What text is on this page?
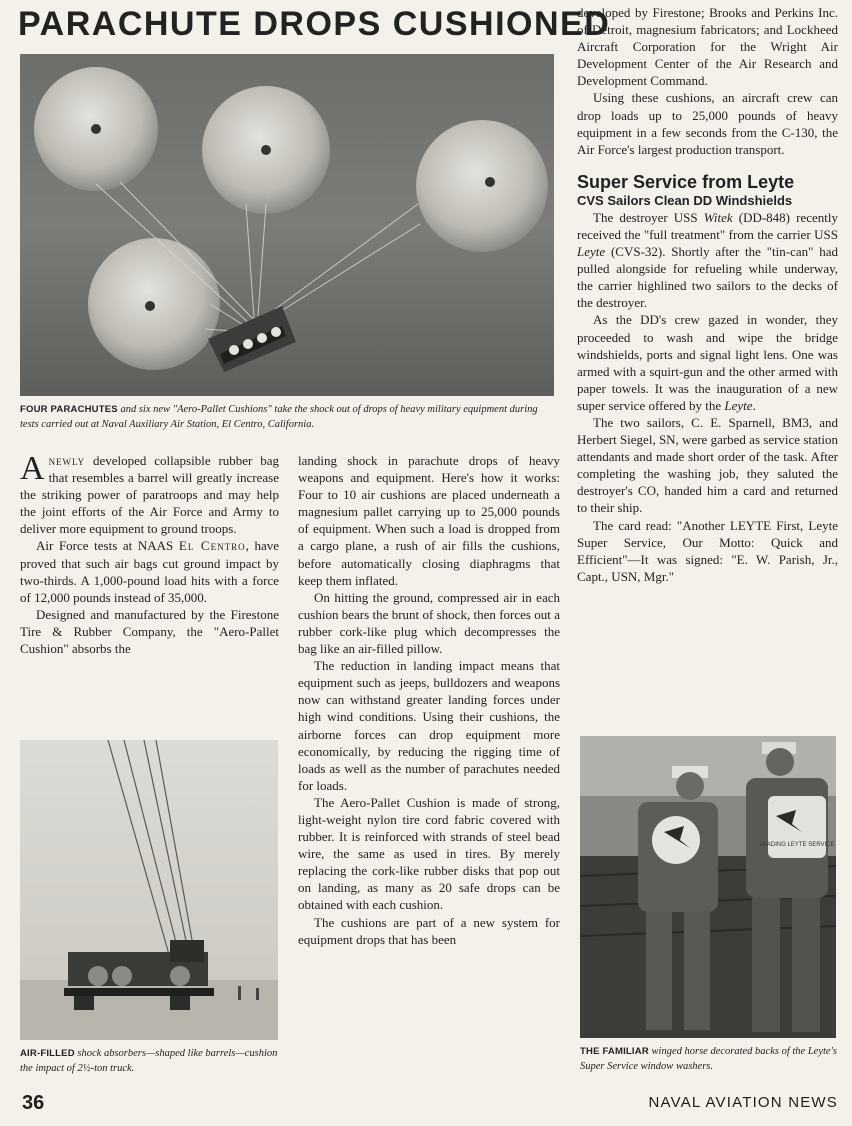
PARACHUTE DROPS CUSHIONED
FOUR PARACHUTES and six new "Aero-Pallet Cushions" take the shock out of drops of heavy military equipment during tests carried out at Naval Auxiliary Air Station, El Centro, California.

Anewly developed collapsible rubber bag that resembles a barrel will greatly increase the striking power of paratroops and may help the joint efforts of the Air Force and Army to deliver more equipment to ground troops.

Air Force tests at NAAS El Centro, have proved that such air bags cut ground impact by two-thirds. A 1,000-pound load hits with a force of 12,000 pounds instead of 35,000.

Designed and manufactured by the Firestone Tire & Rubber Company, the "Aero-Pallet Cushion" absorbs the

AIR-FILLED shock absorbers—shaped like barrels—cushion the impact of 2½-ton truck.

landing shock in parachute drops of heavy weapons and equipment. Here's how it works: Four to 10 air cushions are placed underneath a magnesium pallet carrying up to 25,000 pounds of equipment. When such a load is dropped from a cargo plane, a rush of air fills the cushions, before automatically closing diaphragms that keep them inflated.

On hitting the ground, compressed air in each cushion bears the brunt of shock, then forces out a rubber cork-like plug which decompresses the bag like an air-filled pillow.

The reduction in landing impact means that equipment such as jeeps, bulldozers and weapons now can withstand greater landing forces under high wind conditions. Using their cushions, the airborne forces can drop equipment more economically, by reducing the rigging time of loads as well as the number of parachutes needed for loads.

The Aero-Pallet Cushion is made of strong, light-weight nylon tire cord fabric covered with rubber. It is reinforced with strands of steel bead wire, the same as used in tires. By merely replacing the cork-like rubber disks that pop out on landing, as many as 20 safe drops can be obtained with each cushion.

The cushions are part of a new system for equipment drops that has been

developed by Firestone; Brooks and Perkins Inc. of Detroit, magnesium fabricators; and Lockheed Aircraft Corporation for the Wright Air Development Center of the Air Research and Development Command.

Using these cushions, an aircraft crew can drop loads up to 25,000 pounds of heavy equipment in a few seconds from the C-130, the Air Force's largest production transport.

Super Service from Leyte
CVS Sailors Clean DD Windshields

The destroyer USS Witek (DD-848) recently received the "full treatment" from the carrier USS Leyte (CVS-32). Shortly after the "tin-can" had pulled alongside for refueling while underway, the carrier highlined two sailors to the decks of the destroyer.

As the DD's crew gazed in wonder, they proceeded to wash and wipe the bridge windshields, ports and signal light lens. One was armed with a squirt-gun and the other armed with paper towels. It was the inauguration of a new super service offered by the Leyte.

The two sailors, C. E. Sparnell, BM3, and Herbert Siegel, SN, were garbed as service station attendants and made short order of the task. After completing the washing job, they saluted the destroyer's CO, handed him a card and returned to their ship.

The card read: "Another LEYTE First, Leyte Super Service, Our Motto: Quick and Efficient"—It was signed: "E. W. Parish, Jr., Capt., USN, Mgr."

LEADING LEYTE SERVICE
THE FAMILIAR winged horse decorated backs of the Leyte's Super Service window washers.
36	NAVAL AVIATION NEWS
